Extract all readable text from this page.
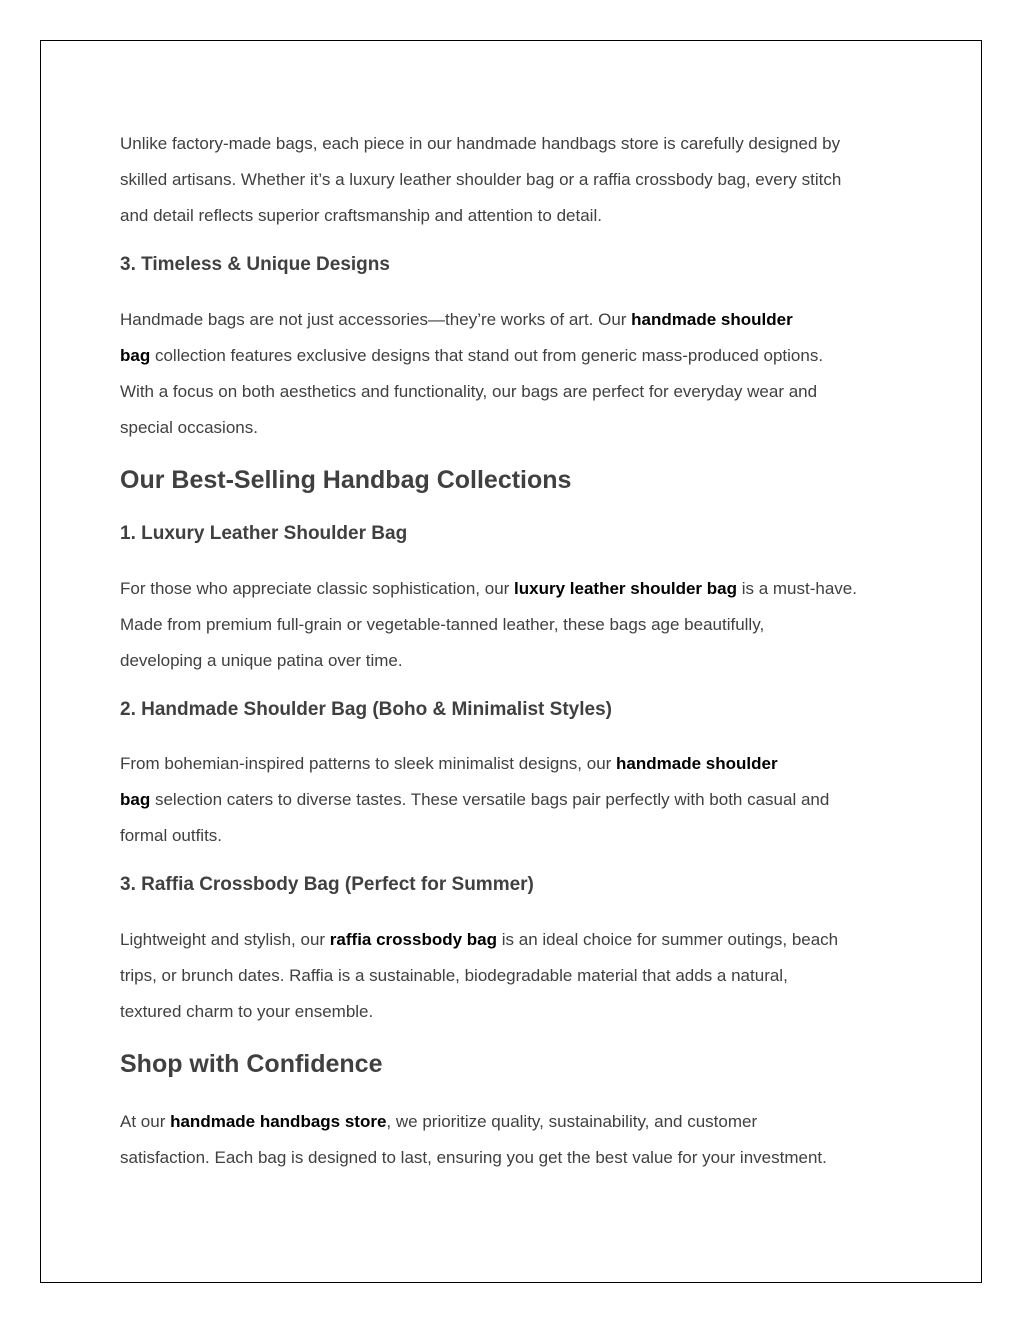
Unlike factory-made bags, each piece in our handmade handbags store is carefully designed by
skilled artisans. Whether it’s a luxury leather shoulder bag or a raffia crossbody bag, every stitch
and detail reflects superior craftsmanship and attention to detail.

3. Timeless & Unique Designs

Handmade bags are not just accessories—they’re works of art. Our handmade shoulder
bag collection features exclusive designs that stand out from generic mass-produced options.
With a focus on both aesthetics and functionality, our bags are perfect for everyday wear and
special occasions.

Our Best-Selling Handbag Collections
1. Luxury Leather Shoulder Bag

For those who appreciate classic sophistication, our luxury leather shoulder bag is a must-have.
Made from premium full-grain or vegetable-tanned leather, these bags age beautifully,
developing a unique patina over time.

2. Handmade Shoulder Bag (Boho & Minimalist Styles)

From bohemian-inspired patterns to sleek minimalist designs, our handmade shoulder
bag selection caters to diverse tastes. These versatile bags pair perfectly with both casual and
formal outfits.

3. Raffia Crossbody Bag (Perfect for Summer)

Lightweight and stylish, our raffia crossbody bag is an ideal choice for summer outings, beach
trips, or brunch dates. Raffia is a sustainable, biodegradable material that adds a natural,
textured charm to your ensemble.

Shop with Confidence

At our handmade handbags store, we prioritize quality, sustainability, and customer
satisfaction. Each bag is designed to last, ensuring you get the best value for your investment.
